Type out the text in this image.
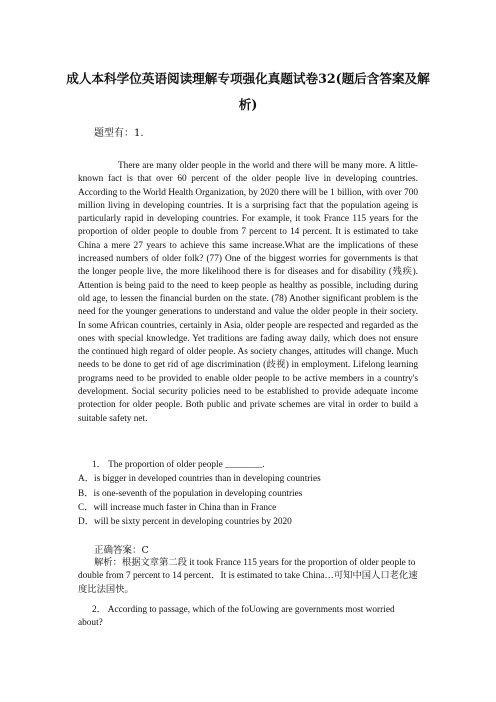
成人本科学位英语阅读理解专项强化真题试卷32(题后含答案及解析)
题型有：1.

There are many older people in the world and there will be many more. A little-known fact is that over 60 percent of the older people live in developing countries. According to the World Health Organization, by 2020 there will be 1 billion, with over 700 million living in developing countries. It is a surprising fact that the population ageing is particularly rapid in developing countries. For example, it took France 115 years for the proportion of older people to double from 7 percent to 14 percent. It is estimated to take China a mere 27 years to achieve this same increase.What are the implications of these increased numbers of older folk? (77) One of the biggest worries for governments is that the longer people live, the more likelihood there is for diseases and for disability (残疾). Attention is being paid to the need to keep people as healthy as possible, including during old age, to lessen the financial burden on the state. (78) Another significant problem is the need for the younger generations to understand and value the older people in their society. In some African countries, certainly in Asia, older people are respected and regarded as the ones with special knowledge. Yet traditions are fading away daily, which does not ensure the continued high regard of older people. As society changes, attitudes will change. Much needs to be done to get rid of age discrimination (歧视) in employment. Lifelong learning programs need to be provided to enable older people to be active members in a country's development. Social security policies need to be established to provide adequate income protection for older people. Both public and private schemes are vital in order to build a suitable safety net.

1． The proportion of older people ________.
A．is bigger in developed countries than in developing countries
B．is one-seventh of the population in developing countries
C．will increase much faster in China than in France
D．will be sixty percent in developing countries by 2020
正确答案：C

解析：根据文章第二段 it took France 115 years for the proportion of older people to double from 7 percent to 14 percent．It is estimated to take China…可知中国人口老化速度比法国快。

2． According to passage, which of the foUowing are governments most worried about?
